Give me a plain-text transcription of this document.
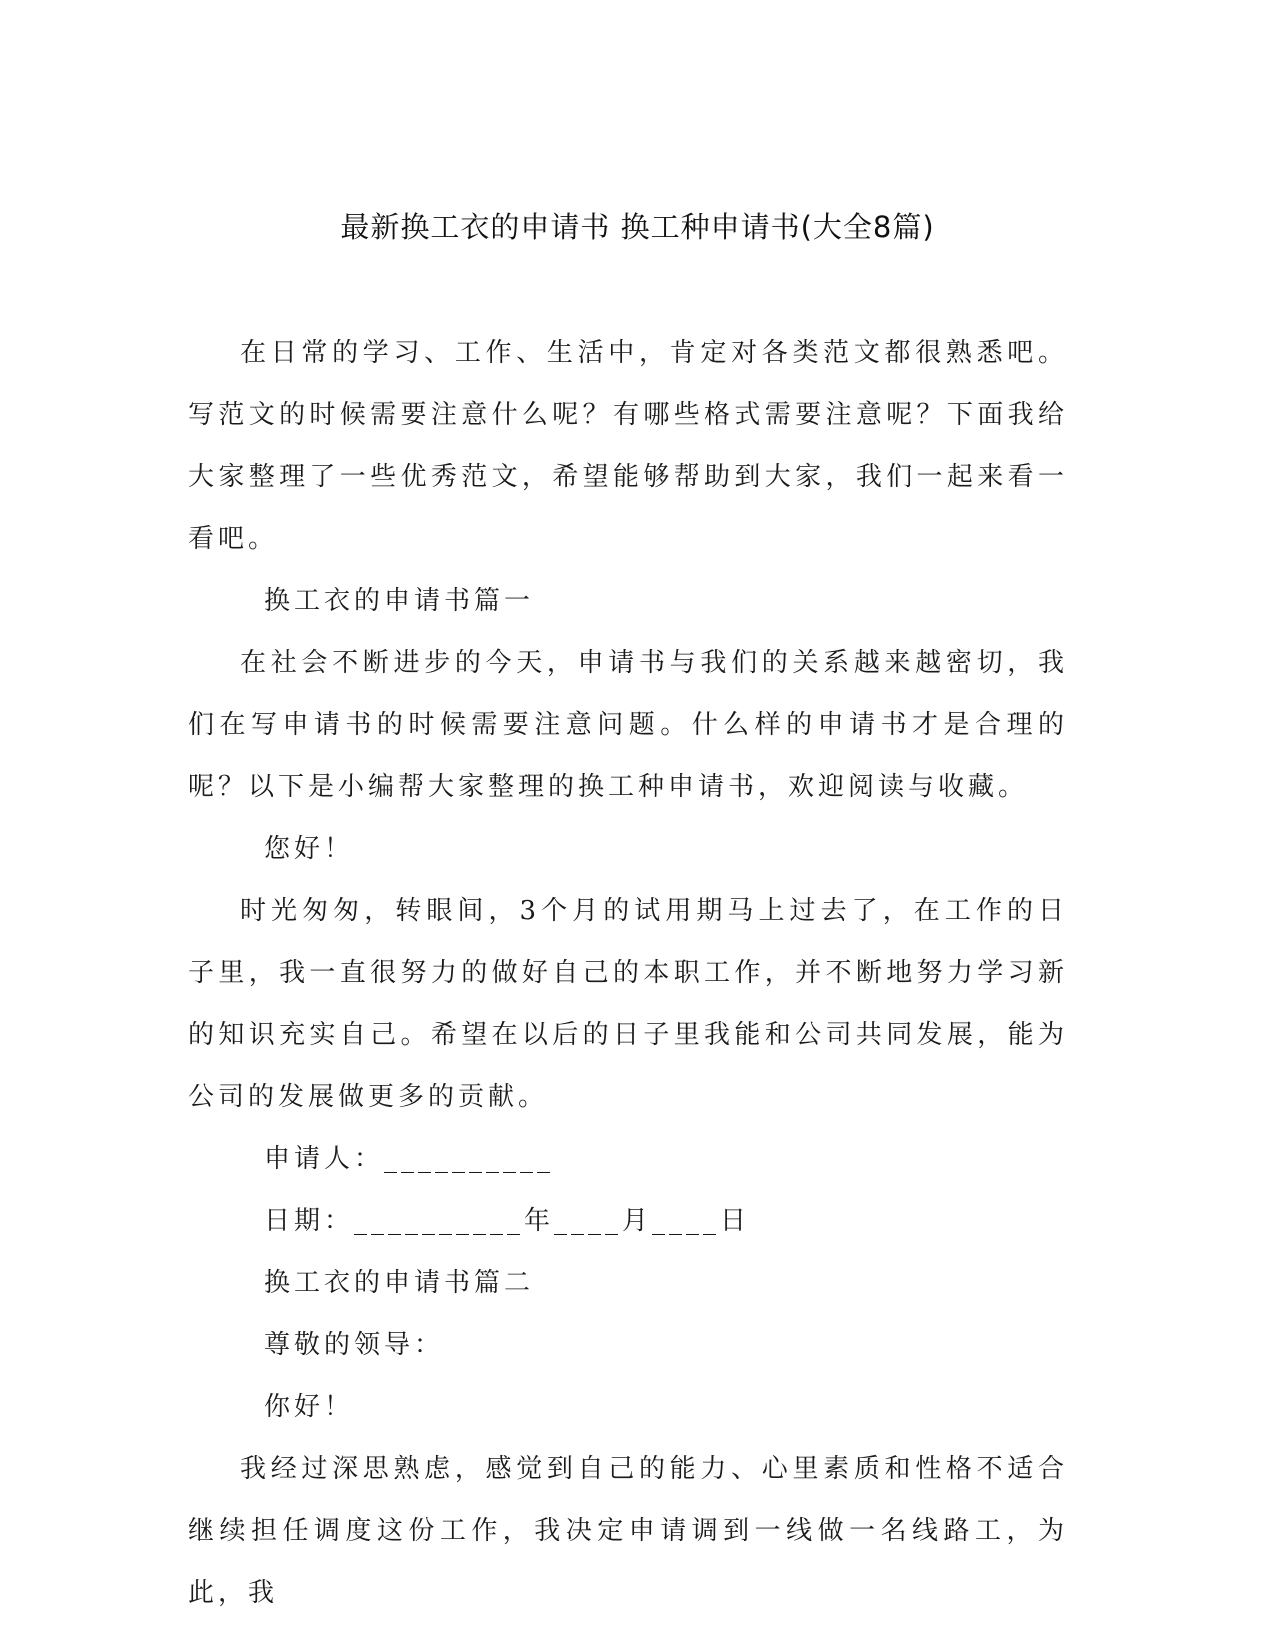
最新换工衣的申请书 换工种申请书(大全8篇)

在日常的学习、工作、生活中，肯定对各类范文都很熟悉吧。写范文的时候需要注意什么呢？有哪些格式需要注意呢？下面我给大家整理了一些优秀范文，希望能够帮助到大家，我们一起来看一看吧。

换工衣的申请书篇一

在社会不断进步的今天，申请书与我们的关系越来越密切，我们在写申请书的时候需要注意问题。什么样的申请书才是合理的呢？以下是小编帮大家整理的换工种申请书，欢迎阅读与收藏。

您好！

时光匆匆，转眼间，3个月的试用期马上过去了，在工作的日子里，我一直很努力的做好自己的本职工作，并不断地努力学习新的知识充实自己。希望在以后的日子里我能和公司共同发展，能为公司的发展做更多的贡献。

申请人：__________

日期：__________年____月____日

换工衣的申请书篇二

尊敬的领导：

你好！

我经过深思熟虑，感觉到自己的能力、心里素质和性格不适合继续担任调度这份工作，我决定申请调到一线做一名线路工，为此，我
